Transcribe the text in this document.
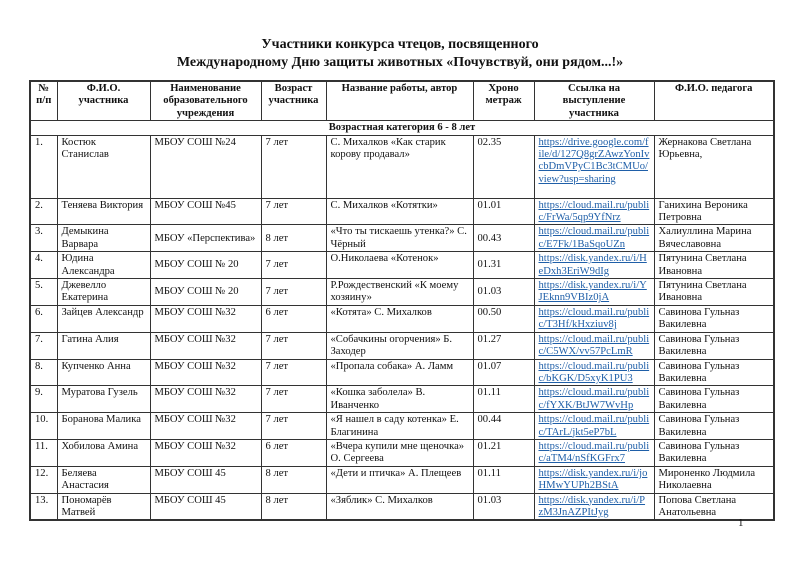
Участники конкурса чтецов, посвященного
Международному Дню защиты животных «Почувствуй, они рядом...!»
№ п/п	Ф.И.О. участника	Наименование образовательного учреждения	Возраст участника	Название работы, автор	Хроно метраж	Ссылка на выступление участника	Ф.И.О. педагога
Возрастная категория 6 - 8 лет							
1.	Костюк Станислав	МБОУ СОШ №24	7 лет	С. Михалков «Как старик корову продавал»	02.35	https://drive.google.com/file/d/127Q8grZAwzYonIvcbDmVPyC1Bc3tCMUo/view?usp=sharing	Жернакова Светлана Юрьевна,
2.	Теняева Виктория	МБОУ СОШ №45	7 лет	С. Михалков «Котятки»	01.01	https://cloud.mail.ru/public/FrWa/5qp9YfNrz	Ганихина Вероника Петровна
3.	Демыкина Варвара	МБОУ «Перспектива»	8 лет	«Что ты тискаешь утенка?» С. Чёрный	00.43	https://cloud.mail.ru/public/E7Fk/1BaSqoUZn	Халиуллина Марина Вячеславовна
4.	Юдина Александра	МБОУ СОШ № 20	7 лет	О.Николаева «Котенок»	01.31	https://disk.yandex.ru/i/HeDxh3EriW9dIg	Пятунина Светлана Ивановна
5.	Джевелло Екатерина	МБОУ СОШ № 20	7 лет	Р.Рождественский «К моему хозяину»	01.03	https://disk.yandex.ru/i/YJEknn9VBIz0jA	Пятунина Светлана Ивановна
6.	Зайцев Александр	МБОУ СОШ №32	6 лет	«Котята» С. Михалков	00.50	https://cloud.mail.ru/public/T3Hf/kHxziuv8j	Савинова Гульназ Вакилевна
7.	Гатина Алия	МБОУ СОШ №32	7 лет	«Собачкины огорчения» Б. Заходер	01.27	https://cloud.mail.ru/public/C5WX/vv57PcLmR	Савинова Гульназ Вакилевна
8.	Купченко Анна	МБОУ СОШ №32	7 лет	«Пропала собака» А. Ламм	01.07	https://cloud.mail.ru/public/bKGK/D5xyK1PU3	Савинова Гульназ Вакилевна
9.	Муратова Гузель	МБОУ СОШ №32	7 лет	«Кошка заболела» В. Иванченко	01.11	https://cloud.mail.ru/public/fYXK/BtJW7WvHp	Савинова Гульназ Вакилевна
10.	Боранова Малика	МБОУ СОШ №32	7 лет	«Я нашел в саду котенка» Е. Благинина	00.44	https://cloud.mail.ru/public/TArL/jkt5eP7bL	Савинова Гульназ Вакилевна
11.	Хобилова Амина	МБОУ СОШ №32	6 лет	«Вчера купили мне щеночка» О. Сергеева	01.21	https://cloud.mail.ru/public/aTM4/nSfKGFrx7	Савинова Гульназ Вакилевна
12.	Беляева Анастасия	МБОУ СОШ 45	8 лет	«Дети и птичка» А. Плещеев	01.11	https://disk.yandex.ru/i/joHMwYUPh2BStA	Мироненко Людмила Николаевна
13.	Пономарёв Матвей	МБОУ СОШ 45	8 лет	«Зяблик» С. Михалков	01.03	https://disk.yandex.ru/i/PzM3JnAZPItJyg	Попова Светлана Анатольевна
1
